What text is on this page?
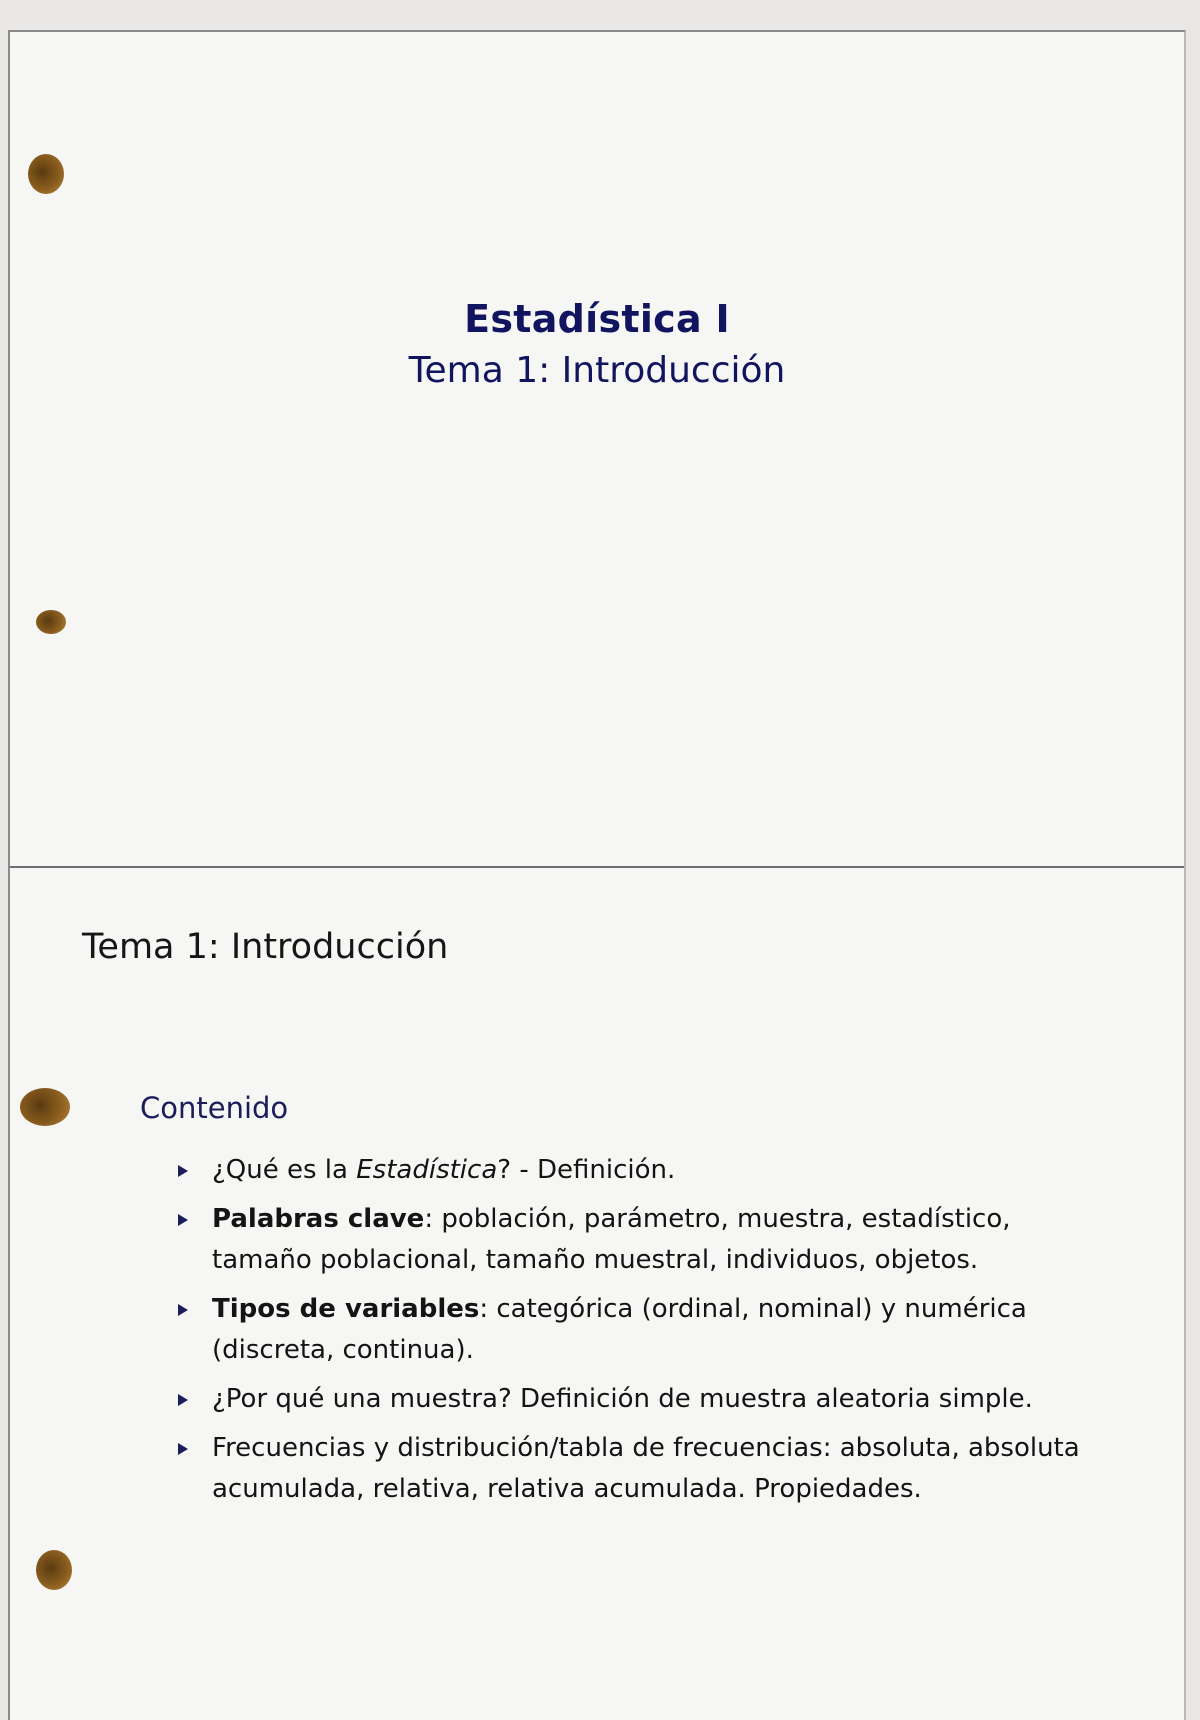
Estadística I
Tema 1: Introducción
Tema 1: Introducción
Contenido
¿Qué es la Estadística? - Definición.
Palabras clave: población, parámetro, muestra, estadístico, tamaño poblacional, tamaño muestral, individuos, objetos.
Tipos de variables: categórica (ordinal, nominal) y numérica (discreta, continua).
¿Por qué una muestra? Definición de muestra aleatoria simple.
Frecuencias y distribución/tabla de frecuencias: absoluta, absoluta acumulada, relativa, relativa acumulada. Propiedades.
